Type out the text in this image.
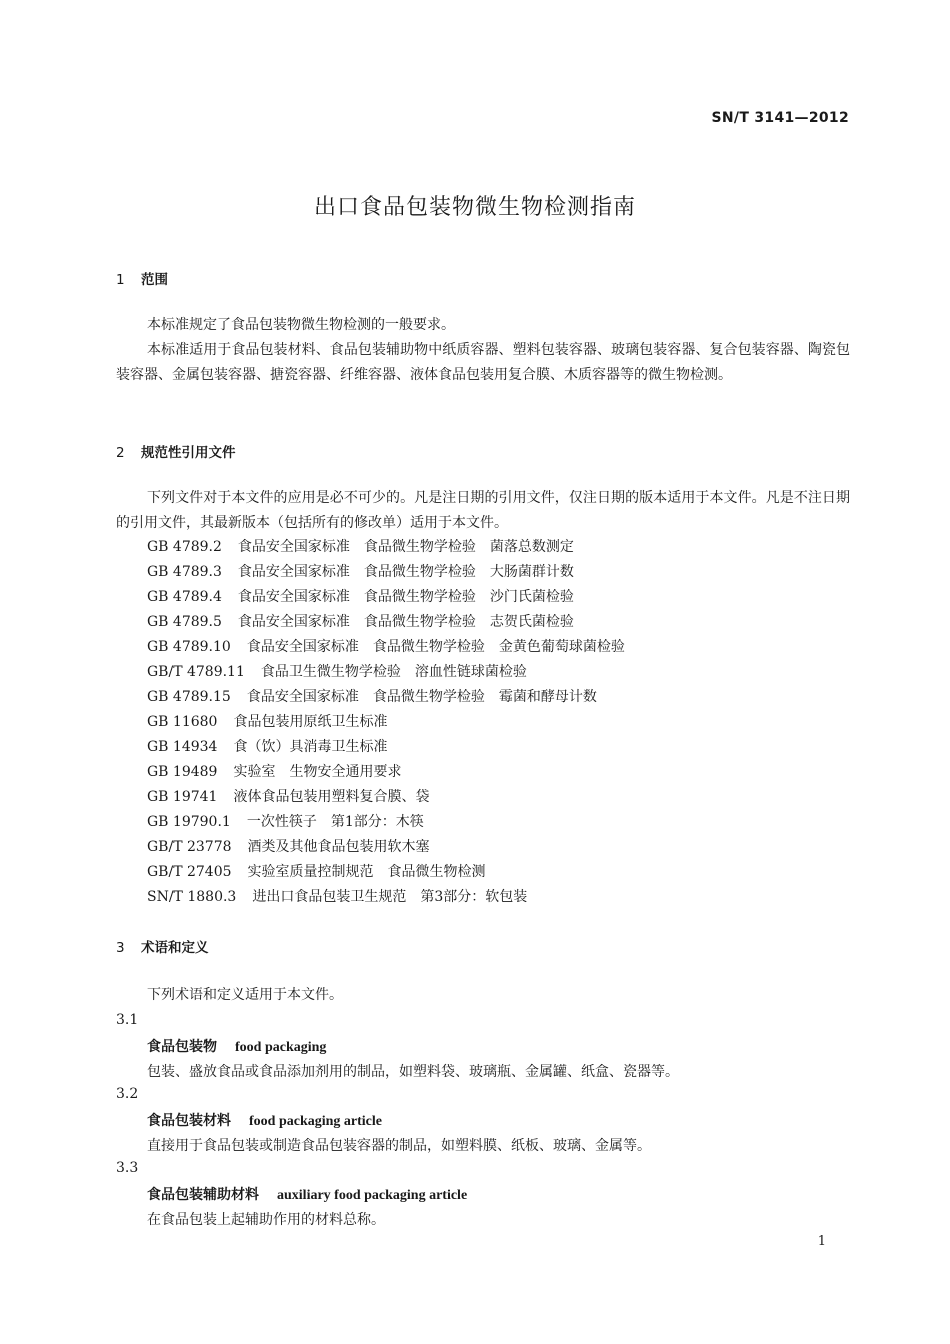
SN/T 3141—2012
出口食品包装物微生物检测指南
1 范围
本标准规定了食品包装物微生物检测的一般要求。
本标准适用于食品包装材料、食品包装辅助物中纸质容器、塑料包装容器、玻璃包装容器、复合包装容器、陶瓷包装容器、金属包装容器、搪瓷容器、纤维容器、液体食品包装用复合膜、木质容器等的微生物检测。
2 规范性引用文件
下列文件对于本文件的应用是必不可少的。凡是注日期的引用文件，仅注日期的版本适用于本文件。凡是不注日期的引用文件，其最新版本（包括所有的修改单）适用于本文件。
GB 4789.2 食品安全国家标准　食品微生物学检验　菌落总数测定
GB 4789.3 食品安全国家标准　食品微生物学检验　大肠菌群计数
GB 4789.4 食品安全国家标准　食品微生物学检验　沙门氏菌检验
GB 4789.5 食品安全国家标准　食品微生物学检验　志贺氏菌检验
GB 4789.10 食品安全国家标准　食品微生物学检验　金黄色葡萄球菌检验
GB/T 4789.11 食品卫生微生物学检验　溶血性链球菌检验
GB 4789.15 食品安全国家标准　食品微生物学检验　霉菌和酵母计数
GB 11680 食品包装用原纸卫生标准
GB 14934 食（饮）具消毒卫生标准
GB 19489 实验室　生物安全通用要求
GB 19741 液体食品包装用塑料复合膜、袋
GB 19790.1 一次性筷子　第1部分：木筷
GB/T 23778 酒类及其他食品包装用软木塞
GB/T 27405 实验室质量控制规范　食品微生物检测
SN/T 1880.3 进出口食品包装卫生规范　第3部分：软包装
3 术语和定义
下列术语和定义适用于本文件。
3.1
食品包装物 food packaging
包装、盛放食品或食品添加剂用的制品，如塑料袋、玻璃瓶、金属罐、纸盒、瓷器等。
3.2
食品包装材料 food packaging article
直接用于食品包装或制造食品包装容器的制品，如塑料膜、纸板、玻璃、金属等。
3.3
食品包装辅助材料 auxiliary food packaging article
在食品包装上起辅助作用的材料总称。
1
